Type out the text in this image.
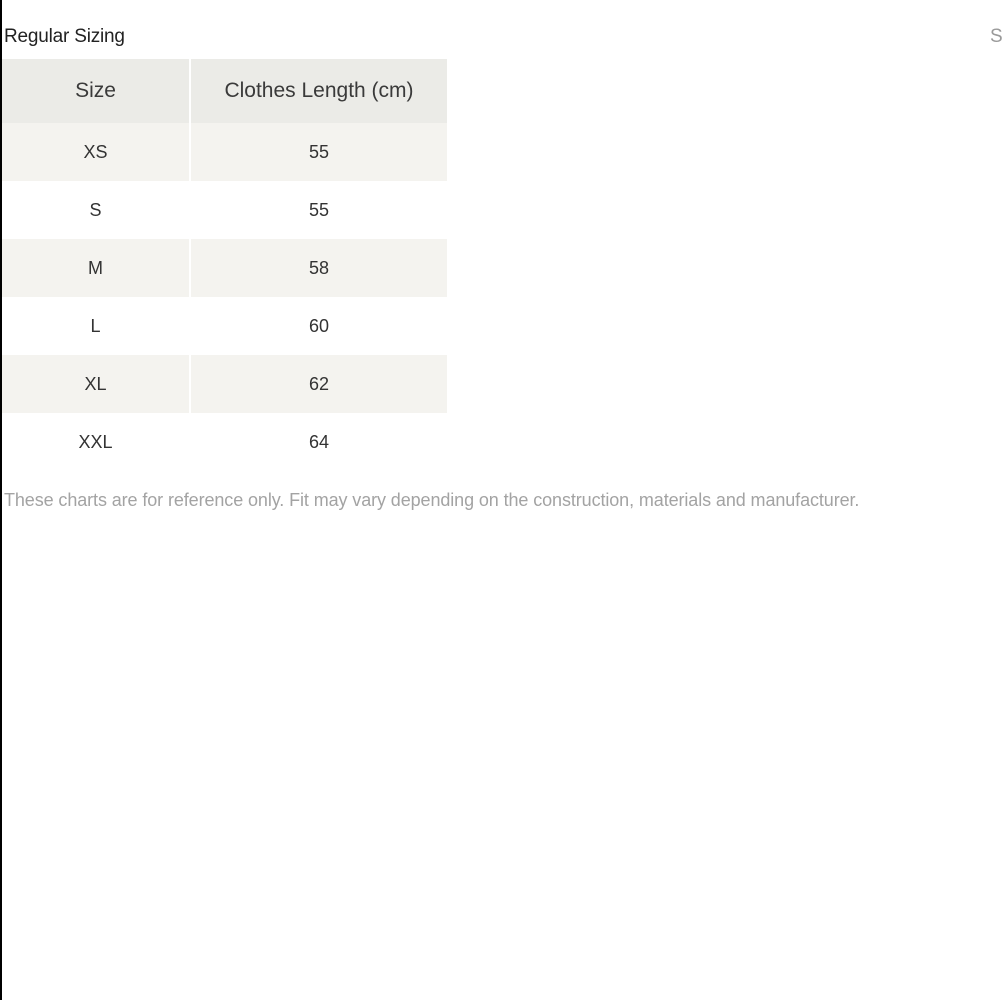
Regular Sizing	S
Size	Clothes Length (cm)
XS	55
S	55
M	58
L	60
XL	62
XXL	64
These charts are for reference only. Fit may vary depending on the construction, materials and manufacturer.
